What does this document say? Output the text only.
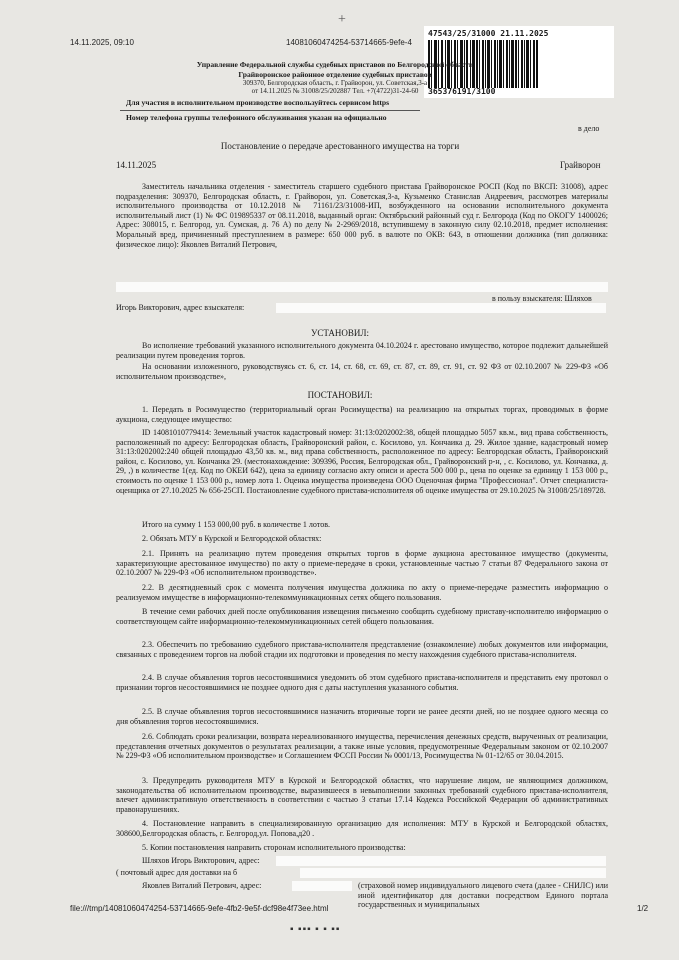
14.11.2025, 09:10	14081060474254-53714665-9efe-4
+
47543/25/31000 21.11.2025
365376191/3100
Управление Федеральной службы судебных приставов по Белгородской области
Грайворонское районное отделение судебных приставов
309370, Белгородская область, г. Грайворон, ул. Советская,3-а
от 14.11.2025 № 31008/25/202887 Тел. +7(4722)31-24-60
Для участия в исполнительном производстве воспользуйтесь сервисом https
Номер телефона группы телефонного обслуживания указан на официально
в дело
Постановление о передаче арестованного имущества на торги
14.11.2025	Грайворон
Заместитель начальника отделения - заместитель старшего судебного пристава Грайворонское РОСП (Код по ВКСП: 31008), адрес подразделения: 309370, Белгородская область, г. Грайворон, ул. Советская,3-а, Кузьменко Станислав Андреевич, рассмотрев материалы исполнительного производства от 10.12.2018 № 71161/23/31008-ИП, возбужденного на основании исполнительного документа исполнительный лист (1) № ФС 019895337 от 08.11.2018, выданный орган: Октябрьский районный суд г. Белгорода (Код по ОКОГУ 1400026; Адрес: 308015, г. Белгород, ул. Сумская, д. 76 А) по делу № 2-2969/2018, вступившему в законную силу 02.10.2018, предмет исполнения: Моральный вред, причиненный преступлением в размере: 650 000 руб. в валюте по ОКВ: 643, в отношении должника (тип должника: физическое лицо): Яковлев Виталий Петрович,
в пользу взыскателя: Шляхов
Игорь Викторович, адрес взыскателя:
УСТАНОВИЛ:
Во исполнение требований указанного исполнительного документа 04.10.2024 г. арестовано имущество, которое подлежит дальнейшей реализации путем проведения торгов.
На основании изложенного, руководствуясь ст. 6, ст. 14, ст. 68, ст. 69, ст. 87, ст. 89, ст. 91, ст. 92 ФЗ от 02.10.2007 № 229-ФЗ «Об исполнительном производстве»,
ПОСТАНОВИЛ:
1. Передать в Росимущество (территориальный орган Росимущества) на реализацию на открытых торгах, проводимых в форме аукциона, следующее имущество:
ID 14081010779414: Земельный участок кадастровый номер: 31:13:0202002:38, общей площадью 5057 кв.м., вид права собственность, расположенный по адресу: Белгородская область, Грайворонский район, с. Косилово, ул. Кончаика д. 29. Жилое здание, кадастровый номер 31:13:0202002:240 общей площадью 43,50 кв. м., вид права собственность, расположенное по адресу: Белгородская область, Грайворонский район, с. Косилово, ул. Кончанка 29. (местонахождение: 309396, Россия, Белгородская обл., Грайворонский р-н, , с. Косилово, ул. Кончанка, д. 29, ,) в количестве 1(ед. Код по ОКЕИ 642), цена за единицу согласно акту описи и ареста 500 000 р., цена по оценке за единицу 1 153 000 р., стоимость по оценке 1 153 000 р., номер лота 1. Оценка имущества произведена ООО Оценочная фирма "Профессионал". Отчет специалиста-оценщика от 27.10.2025 № 656-25СП. Постановление судебного пристава-исполнителя об оценке имущества от 29.10.2025 № 31008/25/189728.
Итого на сумму 1 153 000,00 руб. в количестве 1 лотов.
2. Обязать МТУ в Курской и Белгородской областях:
2.1. Принять на реализацию путем проведения открытых торгов в форме аукциона арестованное имущество (документы, характеризующие арестованное имущество) по акту о приеме-передаче в сроки, установленные частью 7 статьи 87 Федерального закона от 02.10.2007 № 229-ФЗ «Об исполнительном производстве».
2.2. В десятидневный срок с момента получения имущества должника по акту о приеме-передаче разместить информацию о реализуемом имуществе в информационно-телекоммуникационных сетях общего пользования.
В течение семи рабочих дней после опубликования извещения письменно сообщить судебному приставу-исполнителю информацию о соответствующем сайте информационно-телекоммуникационных сетей общего пользования.
2.3. Обеспечить по требованию судебного пристава-исполнителя представление (ознакомление) любых документов или информации, связанных с проведением торгов на любой стадии их подготовки и проведения по месту нахождения судебного пристава-исполнителя.
2.4. В случае объявления торгов несостоявшимися уведомить об этом судебного пристава-исполнителя и представить ему протокол о признании торгов несостоявшимися не позднее одного дня с даты наступления указанного события.
2.5. В случае объявления торгов несостоявшимися назначить вторичные торги не ранее десяти дней, но не позднее одного месяца со дня объявления торгов несостоявшимися.
2.6. Соблюдать сроки реализации, возврата нереализованного имущества, перечисления денежных средств, вырученных от реализации, представления отчетных документов о результатах реализации, а также иные условия, предусмотренные Федеральным законом от 02.10.2007 № 229-ФЗ «Об исполнительном производстве» и Соглашением ФССП России № 0001/13, Росимущества № 01-12/65 от 30.04.2015.
3. Предупредить руководителя МТУ в Курской и Белгородской областях, что нарушение лицом, не являющимся должником, законодательства об исполнительном производстве, выразившееся в невыполнении законных требований судебного пристава-исполнителя, влечет административную ответственность в соответствии с частью 3 статьи 17.14 Кодекса Российской Федерации об административных правонарушениях.
4. Постановление направить в специализированную организацию для исполнения: МТУ в Курской и Белгородской областях, 308600,Белгородская область, г. Белгород,ул. Попова,д20 .
5. Копии постановления направить сторонам исполнительного производства:
Шляхов Игорь Викторович, адрес:
( почтовый адрес для доставки на б
Яковлев Виталий Петрович, адрес:	(страховой номер индивидуального лицевого счета (далее - СНИЛС) или иной идентификатор для доставки посредством Единого портала государственных и муниципальных
file:///tmp/14081060474254-53714665-9efe-4fb2-9e5f-dcf98e4f73ee.html	1/2
▪ ▪▪▪ ▪ ▪ ▪▪
